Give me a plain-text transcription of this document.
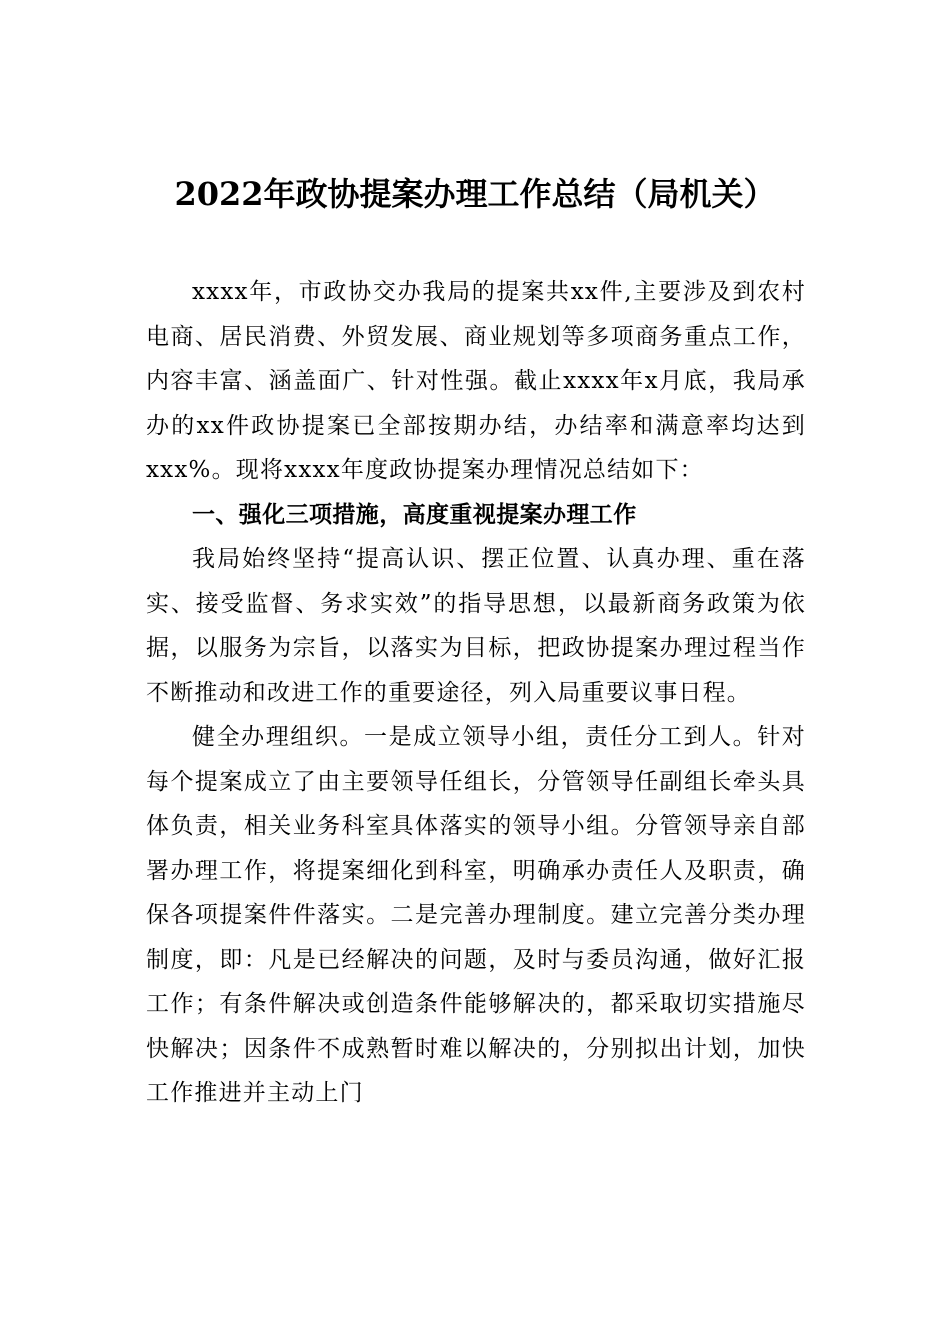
2022年政协提案办理工作总结（局机关）

xxxx年，市政协交办我局的提案共xx件,主要涉及到农村电商、居民消费、外贸发展、商业规划等多项商务重点工作，内容丰富、涵盖面广、针对性强。截止xxxx年x月底，我局承办的xx件政协提案已全部按期办结，办结率和满意率均达到xxx%。现将xxxx年度政协提案办理情况总结如下：

一、强化三项措施，高度重视提案办理工作

我局始终坚持“提高认识、摆正位置、认真办理、重在落实、接受监督、务求实效”的指导思想，以最新商务政策为依据，以服务为宗旨，以落实为目标，把政协提案办理过程当作不断推动和改进工作的重要途径，列入局重要议事日程。

健全办理组织。一是成立领导小组，责任分工到人。针对每个提案成立了由主要领导任组长，分管领导任副组长牵头具体负责，相关业务科室具体落实的领导小组。分管领导亲自部署办理工作，将提案细化到科室，明确承办责任人及职责，确保各项提案件件落实。二是完善办理制度。建立完善分类办理制度，即：凡是已经解决的问题，及时与委员沟通，做好汇报工作；有条件解决或创造条件能够解决的，都采取切实措施尽快解决；因条件不成熟暂时难以解决的，分别拟出计划，加快工作推进并主动上门
